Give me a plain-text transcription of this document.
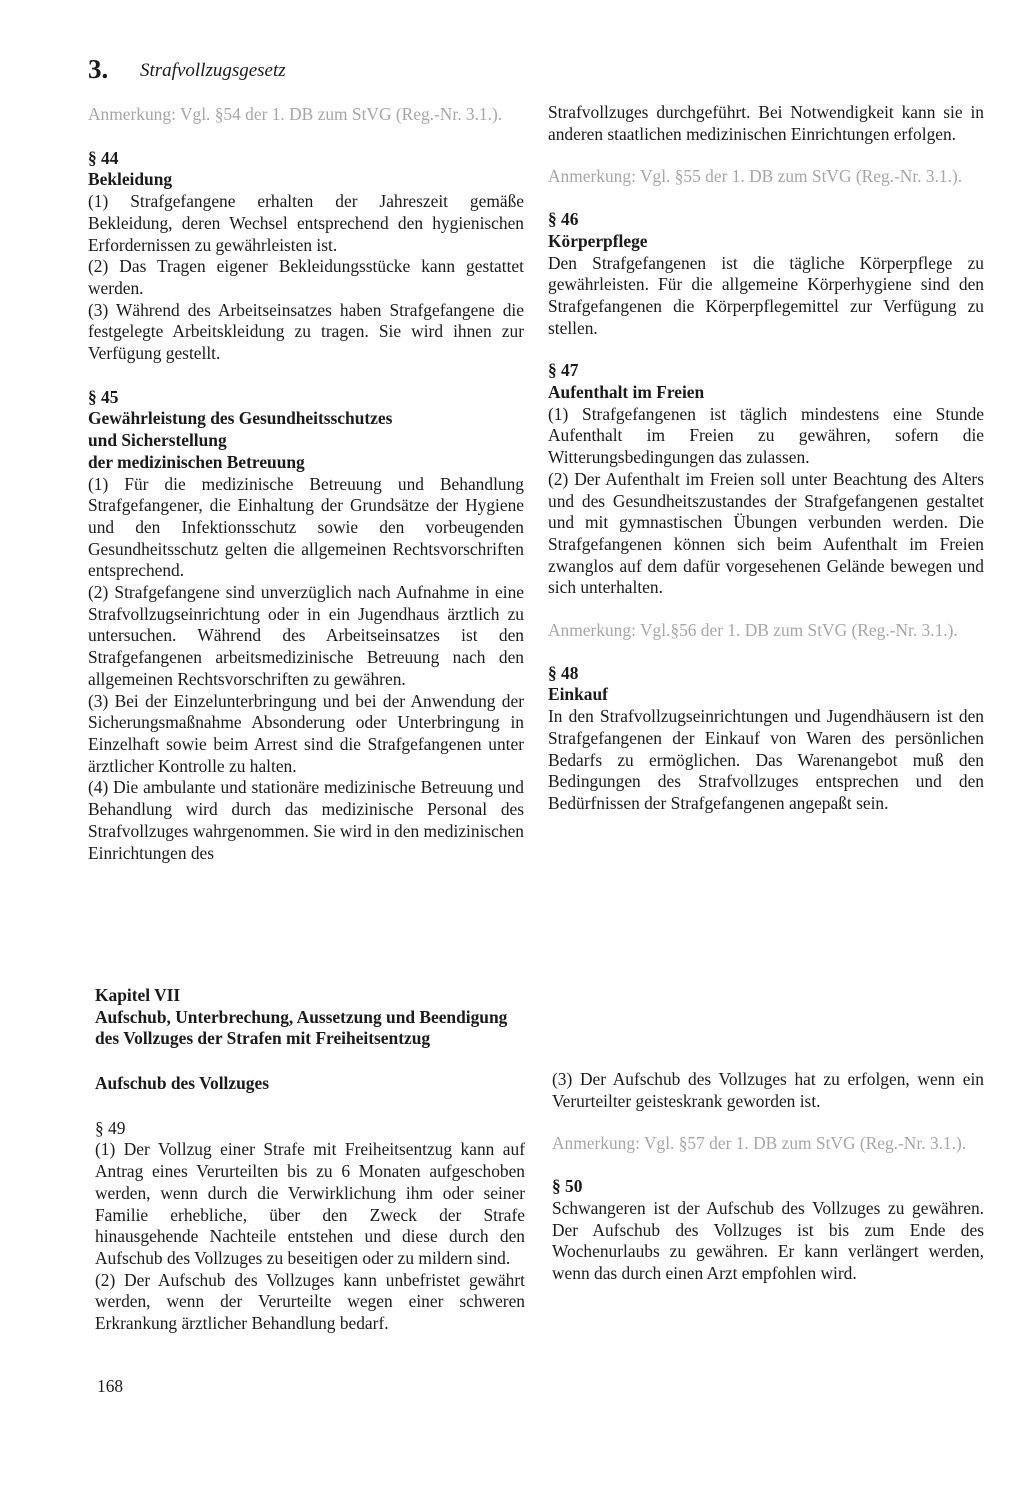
3. Strafvollzugsgesetz
Anmerkung: Vgl. §54 der 1. DB zum StVG (Reg.-Nr. 3.1.).
§ 44
Bekleidung
(1) Strafgefangene erhalten der Jahreszeit gemäße Bekleidung, deren Wechsel entsprechend den hygienischen Erfordernissen zu gewährleisten ist.
(2) Das Tragen eigener Bekleidungsstücke kann gestattet werden.
(3) Während des Arbeitseinsatzes haben Strafgefangene die festgelegte Arbeitskleidung zu tragen. Sie wird ihnen zur Verfügung gestellt.
§ 45
Gewährleistung des Gesundheitsschutzes
und Sicherstellung
der medizinischen Betreuung
(1) Für die medizinische Betreuung und Behandlung Strafgefangener, die Einhaltung der Grundsätze der Hygiene und den Infektionsschutz sowie den vorbeugenden Gesundheitsschutz gelten die allgemeinen Rechtsvorschriften entsprechend.
(2) Strafgefangene sind unverzüglich nach Aufnahme in eine Strafvollzugseinrichtung oder in ein Jugendhaus ärztlich zu untersuchen. Während des Arbeitseinsatzes ist den Strafgefangenen arbeitsmedizinische Betreuung nach den allgemeinen Rechtsvorschriften zu gewähren.
(3) Bei der Einzelunterbringung und bei der Anwendung der Sicherungsmaßnahme Absonderung oder Unterbringung in Einzelhaft sowie beim Arrest sind die Strafgefangenen unter ärztlicher Kontrolle zu halten.
(4) Die ambulante und stationäre medizinische Betreuung und Behandlung wird durch das medizinische Personal des Strafvollzuges wahrgenommen. Sie wird in den medizinischen Einrichtungen des
Strafvollzuges durchgeführt. Bei Notwendigkeit kann sie in anderen staatlichen medizinischen Einrichtungen erfolgen.
Anmerkung: Vgl. §55 der 1. DB zum StVG (Reg.-Nr. 3.1.).
§ 46
Körperpflege
Den Strafgefangenen ist die tägliche Körperpflege zu gewährleisten. Für die allgemeine Körperhygiene sind den Strafgefangenen die Körperpflegemittel zur Verfügung zu stellen.
§ 47
Aufenthalt im Freien
(1) Strafgefangenen ist täglich mindestens eine Stunde Aufenthalt im Freien zu gewähren, sofern die Witterungsbedingungen das zulassen.
(2) Der Aufenthalt im Freien soll unter Beachtung des Alters und des Gesundheitszustandes der Strafgefangenen gestaltet und mit gymnastischen Übungen verbunden werden. Die Strafgefangenen können sich beim Aufenthalt im Freien zwanglos auf dem dafür vorgesehenen Gelände bewegen und sich unterhalten.
Anmerkung: Vgl.§56 der 1. DB zum StVG (Reg.-Nr. 3.1.).
§ 48
Einkauf
In den Strafvollzugseinrichtungen und Jugendhäusern ist den Strafgefangenen der Einkauf von Waren des persönlichen Bedarfs zu ermöglichen. Das Warenangebot muß den Bedingungen des Strafvollzuges entsprechen und den Bedürfnissen der Strafgefangenen angepaßt sein.
Kapitel VII
Aufschub, Unterbrechung, Aussetzung und Beendigung
des Vollzuges der Strafen mit Freiheitsentzug
Aufschub des Vollzuges
§ 49
(1) Der Vollzug einer Strafe mit Freiheitsentzug kann auf Antrag eines Verurteilten bis zu 6 Monaten aufgeschoben werden, wenn durch die Verwirklichung ihm oder seiner Familie erhebliche, über den Zweck der Strafe hinausgehende Nachteile entstehen und diese durch den Aufschub des Vollzuges zu beseitigen oder zu mildern sind.
(2) Der Aufschub des Vollzuges kann unbefristet gewährt werden, wenn der Verurteilte wegen einer schweren Erkrankung ärztlicher Behandlung bedarf.
(3) Der Aufschub des Vollzuges hat zu erfolgen, wenn ein Verurteilter geisteskrank geworden ist.
Anmerkung: Vgl. §57 der 1. DB zum StVG (Reg.-Nr. 3.1.).
§ 50
Schwangeren ist der Aufschub des Vollzuges zu gewähren. Der Aufschub des Vollzuges ist bis zum Ende des Wochenurlaubs zu gewähren. Er kann verlängert werden, wenn das durch einen Arzt empfohlen wird.
168
